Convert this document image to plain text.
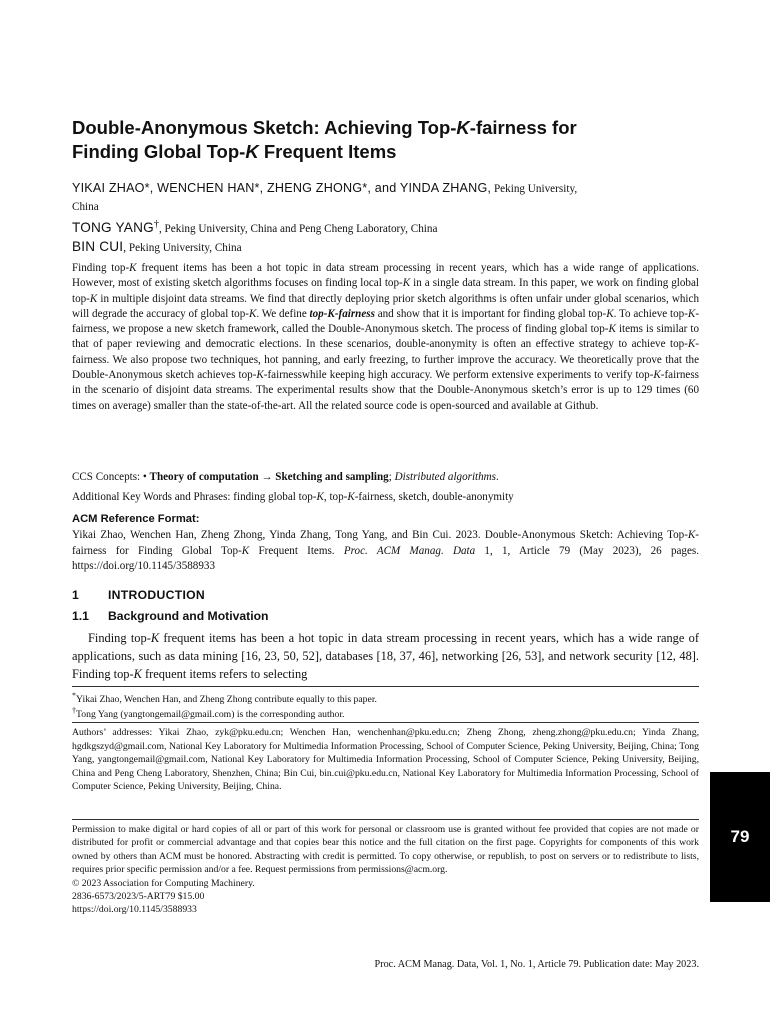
Double-Anonymous Sketch: Achieving Top-K-fairness for
Finding Global Top-K Frequent Items
YIKAI ZHAO*, WENCHEN HAN*, ZHENG ZHONG*, and YINDA ZHANG, Peking University,
China
TONG YANG†, Peking University, China and Peng Cheng Laboratory, China
BIN CUI, Peking University, China

Finding top-K frequent items has been a hot topic in data stream processing in recent years, which has a wide range of applications. However, most of existing sketch algorithms focuses on finding local top-K in a single data stream. In this paper, we work on finding global top-K in multiple disjoint data streams. We find that directly deploying prior sketch algorithms is often unfair under global scenarios, which will degrade the accuracy of global top-K. We define top-K-fairness and show that it is important for finding global top-K. To achieve top-K-fairness, we propose a new sketch framework, called the Double-Anonymous sketch. The process of finding global top-K items is similar to that of paper reviewing and democratic elections. In these scenarios, double-anonymity is often an effective strategy to achieve top-K-fairness. We also propose two techniques, hot panning, and early freezing, to further improve the accuracy. We theoretically prove that the Double-Anonymous sketch achieves top-K-fairnesswhile keeping high accuracy. We perform extensive experiments to verify top-K-fairness in the scenario of disjoint data streams. The experimental results show that the Double-Anonymous sketch’s error is up to 129 times (60 times on average) smaller than the state-of-the-art. All the related source code is open-sourced and available at Github.

CCS Concepts: • Theory of computation → Sketching and sampling; Distributed algorithms.
Additional Key Words and Phrases: finding global top-K, top-K-fairness, sketch, double-anonymity
ACM Reference Format:
Yikai Zhao, Wenchen Han, Zheng Zhong, Yinda Zhang, Tong Yang, and Bin Cui. 2023. Double-Anonymous Sketch: Achieving Top-K-fairness for Finding Global Top-K Frequent Items. Proc. ACM Manag. Data 1, 1, Article 79 (May 2023), 26 pages. https://doi.org/10.1145/3588933
1 INTRODUCTION
1.1 Background and Motivation
Finding top-K frequent items has been a hot topic in data stream processing in recent years, which has a wide range of applications, such as data mining [16, 23, 50, 52], databases [18, 37, 46], networking [26, 53], and network security [12, 48]. Finding top-K frequent items refers to selecting
*Yikai Zhao, Wenchen Han, and Zheng Zhong contribute equally to this paper.
†Tong Yang (yangtongemail@gmail.com) is the corresponding author.
Authors’ addresses: Yikai Zhao, zyk@pku.edu.cn; Wenchen Han, wenchenhan@pku.edu.cn; Zheng Zhong, zheng.zhong@pku.edu.cn; Yinda Zhang, hgdkgszyd@gmail.com, National Key Laboratory for Multimedia Information Processing, School of Computer Science, Peking University, Beijing, China; Tong Yang, yangtongemail@gmail.com, National Key Laboratory for Multimedia Information Processing, School of Computer Science, Peking University, Beijing, China and Peng Cheng Laboratory, Shenzhen, China; Bin Cui, bin.cui@pku.edu.cn, National Key Laboratory for Multimedia Information Processing, School of Computer Science, Peking University, Beijing, China.
Permission to make digital or hard copies of all or part of this work for personal or classroom use is granted without fee provided that copies are not made or distributed for profit or commercial advantage and that copies bear this notice and the full citation on the first page. Copyrights for components of this work owned by others than ACM must be honored. Abstracting with credit is permitted. To copy otherwise, or republish, to post on servers or to redistribute to lists, requires prior specific permission and/or a fee. Request permissions from permissions@acm.org.
© 2023 Association for Computing Machinery.
2836-6573/2023/5-ART79 $15.00
https://doi.org/10.1145/3588933
Proc. ACM Manag. Data, Vol. 1, No. 1, Article 79. Publication date: May 2023.
79
